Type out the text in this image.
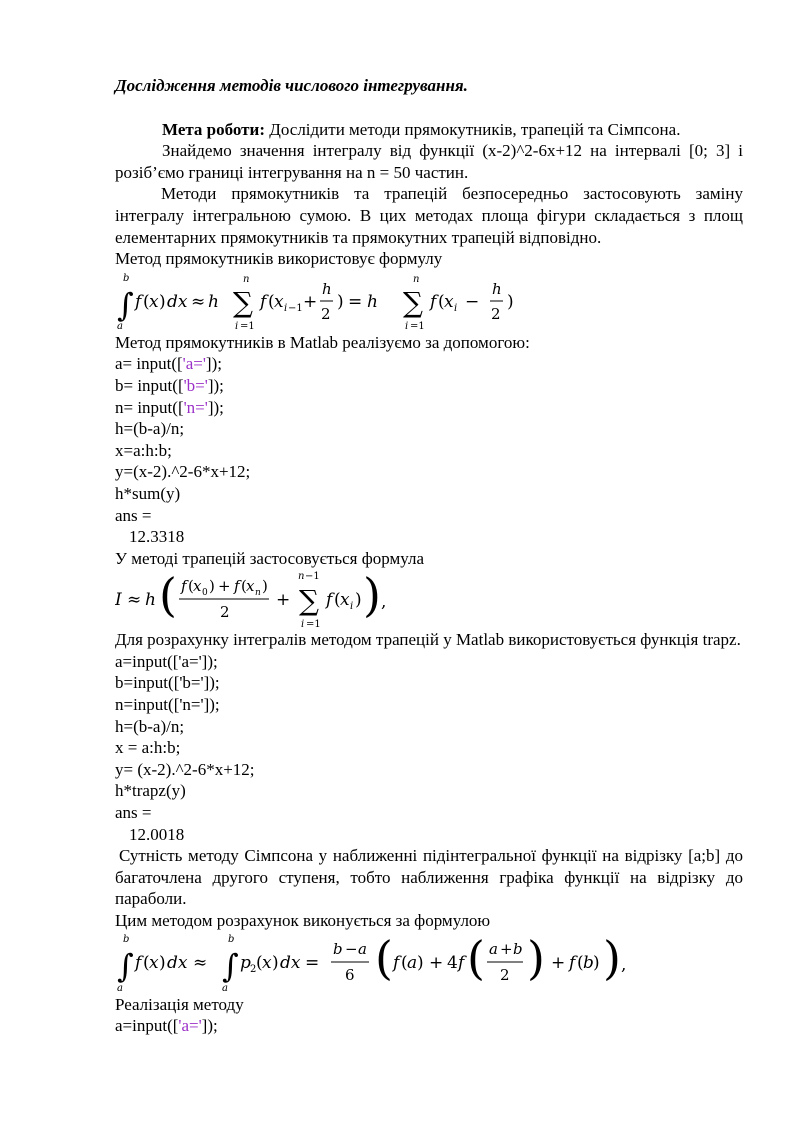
Дослідження методів числового інтегрування.

Мета роботи: Дослідити методи прямокутників, трапецій та Сімпсона.

Знайдемо значення інтегралу від функції (x-2)^2-6x+12 на інтервалі [0; 3] і розіб’ємо границі інтегрування на n = 50 частин.

Методи прямокутників та трапецій безпосередньо застосовують заміну інтегралу інтегральною сумою. В цих методах площа фігури складається з площ елементарних прямокутників та прямокутних трапецій відповідно.

Метод прямокутників використовує формулу

b
∫
a
f ( x ) dx ≈ h
n
∑
i =1
f ( x i −1 +
h
2
) = h
n
∑
i =1
f ( x i −
h
2
)

Метод прямокутників в Matlab реалізуємо за допомогою:

a= input(['a=']);

b= input(['b=']);

n= input(['n=']);

h=(b-a)/n;

x=a:h:b;

y=(x-2).^2-6*x+12;

h*sum(y)

ans =

12.3318

У методі трапецій застосовується формула

I ≈ h ( f ( x 0 ) + f ( x n )
2
+
n −1
∑
i =1
f ( x i ) ) ,

Для розрахунку інтегралів методом трапецій у Matlab використовується функція trapz.

a=input(['a=']);

b=input(['b=']);

n=input(['n=']);

h=(b-a)/n;

x = a:h:b;

y= (x-2).^2-6*x+12;

h*trapz(y)

ans =

12.0018

Сутність методу Сімпсона у наближенні підінтегральної функції на відрізку [a;b] до багаточлена другого ступеня, тобто наближення графіка функції на відрізку до параболи.

Цим методом розрахунок виконується за формулою

b
∫
a
f ( x ) dx ≈
b
∫
a
p 2 ( x ) dx =
b − a
6 ( f ( a ) + 4 f ( a + b
2 ) + f ( b ) ) ,

Реалізація методу

a=input(['a=']);
